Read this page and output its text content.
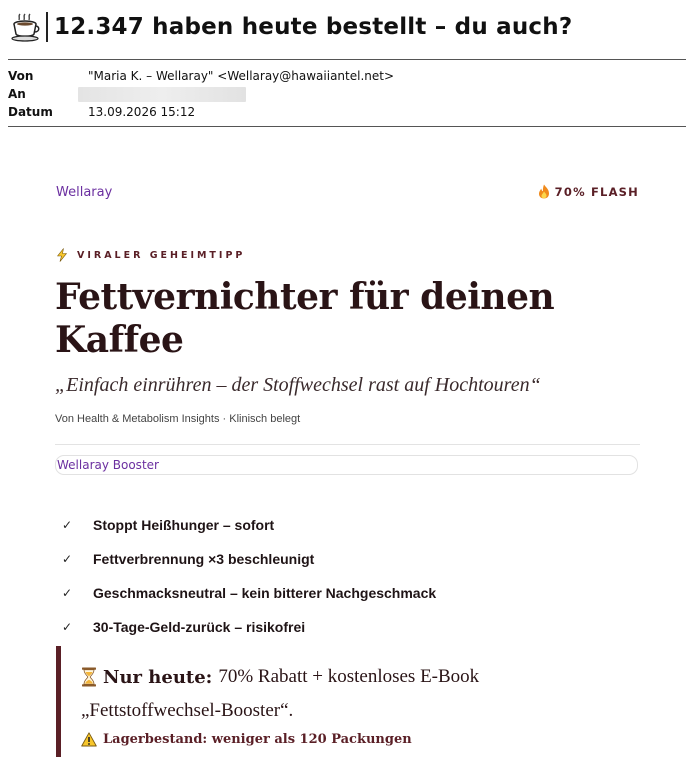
12.347 haben heute bestellt – du auch?
Von	"Maria K. – Wellaray" <Wellaray@hawaiiantel.net>
An
Datum	13.09.2026 15:12
Wellaray	70% FLASH
VIRALER GEHEIMTIPP
Fettvernichter für deinen Kaffee
„Einfach einrühren – der Stoffwechsel rast auf Hochtouren“
Von Health & Metabolism Insights · Klinisch belegt
Wellaray Booster
✓ Stoppt Heißhunger – sofort
✓ Fettverbrennung ×3 beschleunigt
✓ Geschmacksneutral – kein bitterer Nachgeschmack
✓ 30-Tage-Geld-zurück – risikofrei
Nur heute: 70% Rabatt + kostenloses E-Book
„Fettstoffwechsel-Booster“.
Lagerbestand: weniger als 120 Packungen
